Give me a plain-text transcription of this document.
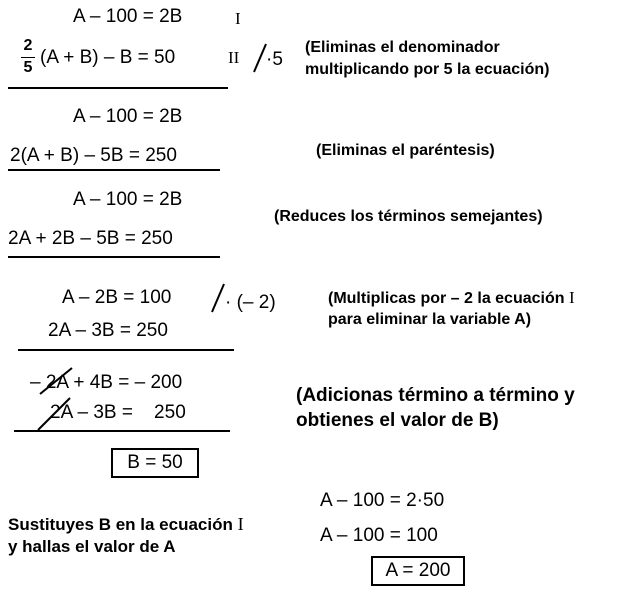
A – 100 = 2B	I
2
5 (A + B) – B = 50	II ·5
(Eliminas el denominador
multiplicando por 5 la ecuación)
A – 100 = 2B
2(A + B) – 5B = 250	(Eliminas el paréntesis)
A – 100 = 2B
2A + 2B – 5B = 250
(Reduces los términos semejantes)
A – 2B = 100	· (– 2)
2A – 3B = 250
(Multiplicas por – 2 la ecuación I
para eliminar la variable A)
– 2A + 4B = – 200
2A – 3B =    250
(Adicionas término a término y
obtienes el valor de B)
B = 50
Sustituyes B en la ecuación I
y hallas el valor de A
A – 100 = 2·50
A – 100 = 100
A = 200
